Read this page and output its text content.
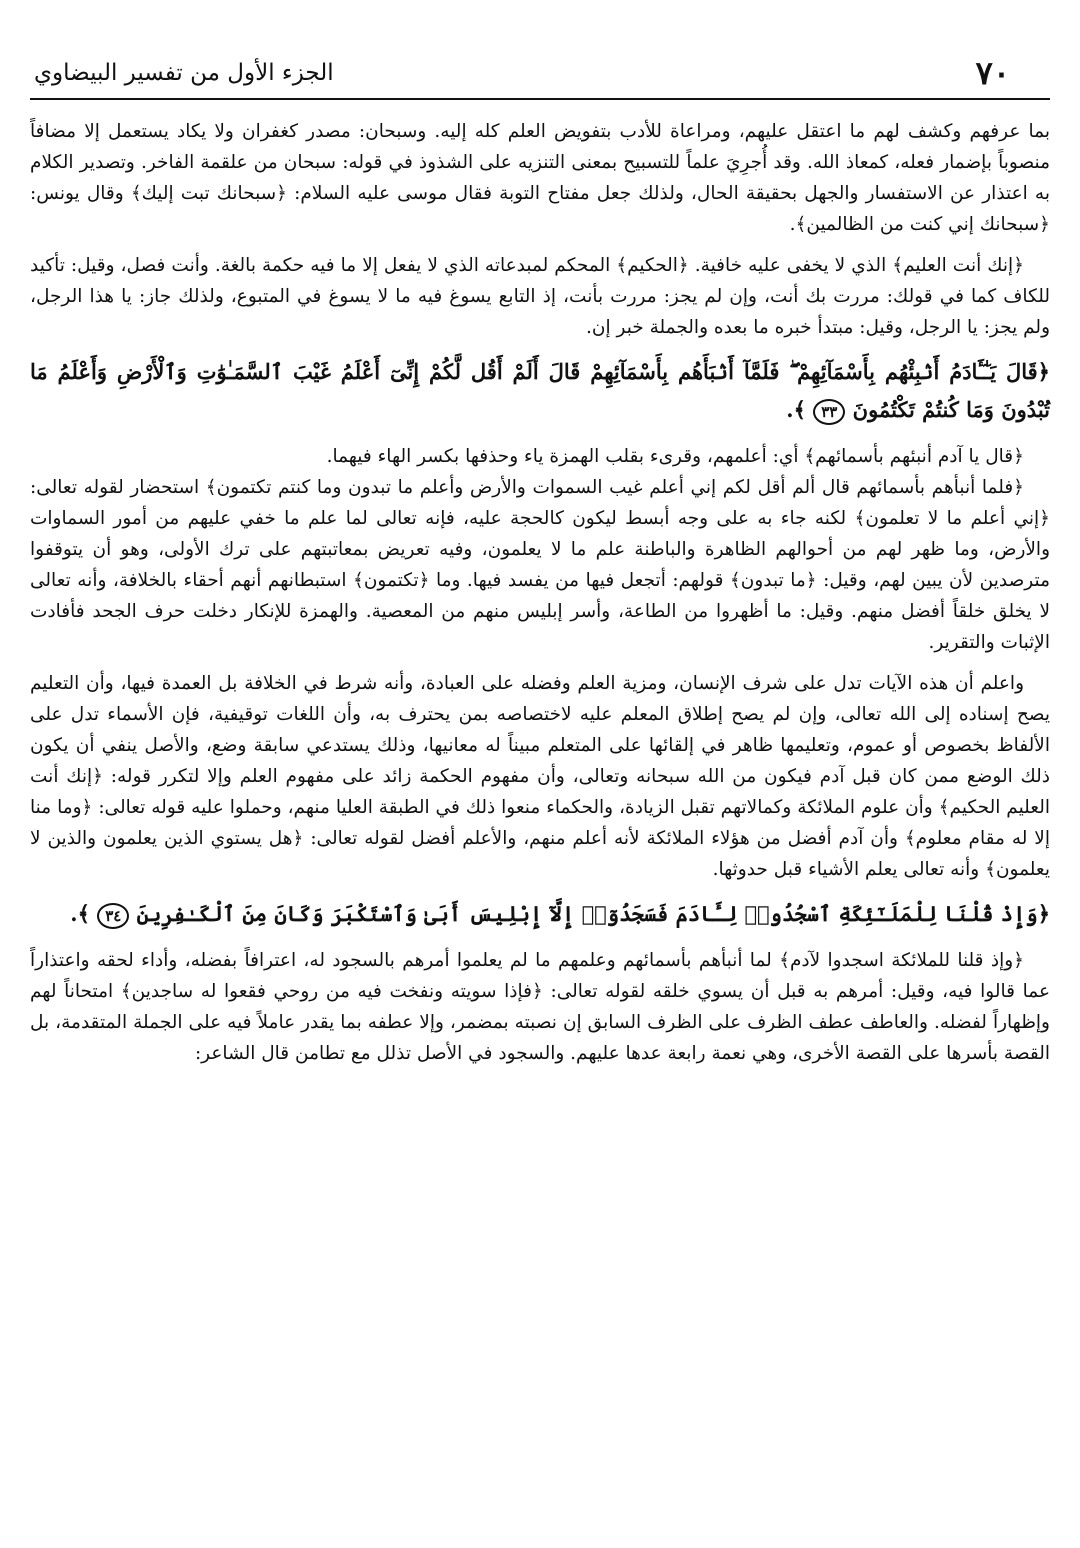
٧٠
الجزء الأول من تفسير البيضاوي

بما عرفهم وكشف لهم ما اعتقل عليهم، ومراعاة للأدب بتفويض العلم كله إليه. وسبحان: مصدر كغفران ولا يكاد يستعمل إلا مضافاً منصوباً بإضمار فعله، كمعاذ الله. وقد أُجرِيَ علماً للتسبيح بمعنى التنزيه على الشذوذ في قوله: سبحان من علقمة الفاخر. وتصدير الكلام به اعتذار عن الاستفسار والجهل بحقيقة الحال، ولذلك جعل مفتاح التوبة فقال موسى عليه السلام: ﴿سبحانك تبت إليك﴾ وقال يونس: ﴿سبحانك إني كنت من الظالمين﴾.

﴿إنك أنت العليم﴾ الذي لا يخفى عليه خافية. ﴿الحكيم﴾ المحكم لمبدعاته الذي لا يفعل إلا ما فيه حكمة بالغة. وأنت فصل، وقيل: تأكيد للكاف كما في قولك: مررت بك أنت، وإن لم يجز: مررت بأنت، إذ التابع يسوغ فيه ما لا يسوغ في المتبوع، ولذلك جاز: يا هذا الرجل، ولم يجز: يا الرجل، وقيل: مبتدأ خبره ما بعده والجملة خبر إن.

﴿قَالَ يَـٰٓـَٔادَمُ أَنۢبِئْهُم بِأَسْمَآئِهِمْ ۖ فَلَمَّآ أَنۢبَأَهُم بِأَسْمَآئِهِمْ قَالَ أَلَمْ أَقُل لَّكُمْ إِنِّىٓ أَعْلَمُ غَيْبَ ٱلسَّمَـٰوَٰتِ وَٱلْأَرْضِ وَأَعْلَمُ مَا تُبْدُونَ وَمَا كُنتُمْ تَكْتُمُونَ ٣٣ ﴾.

﴿قال يا آدم أنبئهم بأسمائهم﴾ أي: أعلمهم، وقرىء بقلب الهمزة ياء وحذفها بكسر الهاء فيهما.

﴿فلما أنبأهم بأسمائهم قال ألم أقل لكم إني أعلم غيب السموات والأرض وأعلم ما تبدون وما كنتم تكتمون﴾ استحضار لقوله تعالى: ﴿إني أعلم ما لا تعلمون﴾ لكنه جاء به على وجه أبسط ليكون كالحجة عليه، فإنه تعالى لما علم ما خفي عليهم من أمور السماوات والأرض، وما ظهر لهم من أحوالهم الظاهرة والباطنة علم ما لا يعلمون، وفيه تعريض بمعاتبتهم على ترك الأولى، وهو أن يتوقفوا مترصدين لأن يبين لهم، وقيل: ﴿ما تبدون﴾ قولهم: أتجعل فيها من يفسد فيها. وما ﴿تكتمون﴾ استبطانهم أنهم أحقاء بالخلافة، وأنه تعالى لا يخلق خلقاً أفضل منهم. وقيل: ما أظهروا من الطاعة، وأسر إبليس منهم من المعصية. والهمزة للإنكار دخلت حرف الجحد فأفادت الإثبات والتقرير.

واعلم أن هذه الآيات تدل على شرف الإنسان، ومزية العلم وفضله على العبادة، وأنه شرط في الخلافة بل العمدة فيها، وأن التعليم يصح إسناده إلى الله تعالى، وإن لم يصح إطلاق المعلم عليه لاختصاصه بمن يحترف به، وأن اللغات توقيفية، فإن الأسماء تدل على الألفاظ بخصوص أو عموم، وتعليمها ظاهر في إلقائها على المتعلم مبيناً له معانيها، وذلك يستدعي سابقة وضع، والأصل ينفي أن يكون ذلك الوضع ممن كان قبل آدم فيكون من الله سبحانه وتعالى، وأن مفهوم الحكمة زائد على مفهوم العلم وإلا لتكرر قوله: ﴿إنك أنت العليم الحكيم﴾ وأن علوم الملائكة وكمالاتهم تقبل الزيادة، والحكماء منعوا ذلك في الطبقة العليا منهم، وحملوا عليه قوله تعالى: ﴿وما منا إلا له مقام معلوم﴾ وأن آدم أفضل من هؤلاء الملائكة لأنه أعلم منهم، والأعلم أفضل لقوله تعالى: ﴿هل يستوي الذين يعلمون والذين لا يعلمون﴾ وأنه تعالى يعلم الأشياء قبل حدوثها.

﴿وَإِذْ قُلْنَا لِلْمَلَـٰٓئِكَةِ ٱسْجُدُوا۟ لِـَٔادَمَ فَسَجَدُوٓا۟ إِلَّآ إِبْلِيسَ أَبَىٰ وَٱسْتَكْبَرَ وَكَانَ مِنَ ٱلْكَـٰفِرِينَ ٣٤ ﴾.

﴿وإذ قلنا للملائكة اسجدوا لآدم﴾ لما أنبأهم بأسمائهم وعلمهم ما لم يعلموا أمرهم بالسجود له، اعترافاً بفضله، وأداء لحقه واعتذاراً عما قالوا فيه، وقيل: أمرهم به قبل أن يسوي خلقه لقوله تعالى: ﴿فإذا سويته ونفخت فيه من روحي فقعوا له ساجدين﴾ امتحاناً لهم وإظهاراً لفضله. والعاطف عطف الظرف على الظرف السابق إن نصبته بمضمر، وإلا عطفه بما يقدر عاملاً فيه على الجملة المتقدمة، بل القصة بأسرها على القصة الأخرى، وهي نعمة رابعة عدها عليهم. والسجود في الأصل تذلل مع تطامن قال الشاعر:
